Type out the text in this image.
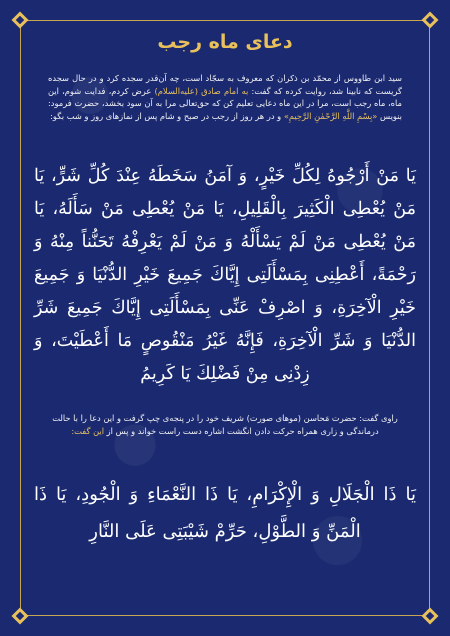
دعای ماه رجب
سید ابن طاووس از محمّد بن ذکران که معروف به سجّاد است، چه آن‌قدر سجده کرد و در حال سجده گریست که نابینا شد، روایت کرده که گفت: به امام صادق (علیه‌السلام) عرض کردم، فدایت شوم، این ماه، ماه رجب است، مرا در این ماه دعایی تعلیم کن که حق‌تعالی مرا به آن سود بخشد، حضرت فرمود: بنویس «بِسْمِ اللَّهِ الرَّحْمٰنِ الرَّحِیمِ» و در هر روز از رجب در صبح و شام پس از نمازهای روز و شب بگو:
یَا مَنْ أَرْجُوهُ لِكُلِّ خَیْرٍ، وَ آمَنُ سَخَطَهُ عِنْدَ كُلِّ شَرٍّ، یَا مَنْ یُعْطِی الْكَثِیرَ بِالْقَلِیلِ، یَا مَنْ یُعْطِی مَنْ سَأَلَهُ، یَا مَنْ یُعْطِی مَنْ لَمْ یَسْأَلْهُ وَ مَنْ لَمْ یَعْرِفْهُ تَحَنُّناً مِنْهُ وَ رَحْمَةً، أَعْطِنِی بِمَسْأَلَتِی إِیَّاكَ جَمِیعَ خَیْرِ الدُّنْیَا وَ جَمِیعَ خَیْرِ الْآخِرَةِ، وَ اصْرِفْ عَنِّی بِمَسْأَلَتِی إِیَّاكَ جَمِیعَ شَرِّ الدُّنْیَا وَ شَرِّ الْآخِرَةِ، فَإِنَّهُ غَیْرُ مَنْقُوصٍ مَا أَعْطَیْتَ، وَ زِدْنِی مِنْ فَضْلِكَ یَا كَرِیمُ
راوی گفت: حضرت مَحاسن (موهای صورت) شریف خود را در پنجه‌ی چپ گرفت و این دعا را با حالت درماندگی و زاری همراه حرکت دادن انگشت اشاره دست راست خواند و پس از این گفت:
یَا ذَا الْجَلَالِ وَ الْإِكْرَامِ، یَا ذَا النَّعْمَاءِ وَ الْجُودِ، یَا ذَا الْمَنِّ وَ الطَّوْلِ، حَرِّمْ شَیْبَتِی عَلَى النَّارِ
